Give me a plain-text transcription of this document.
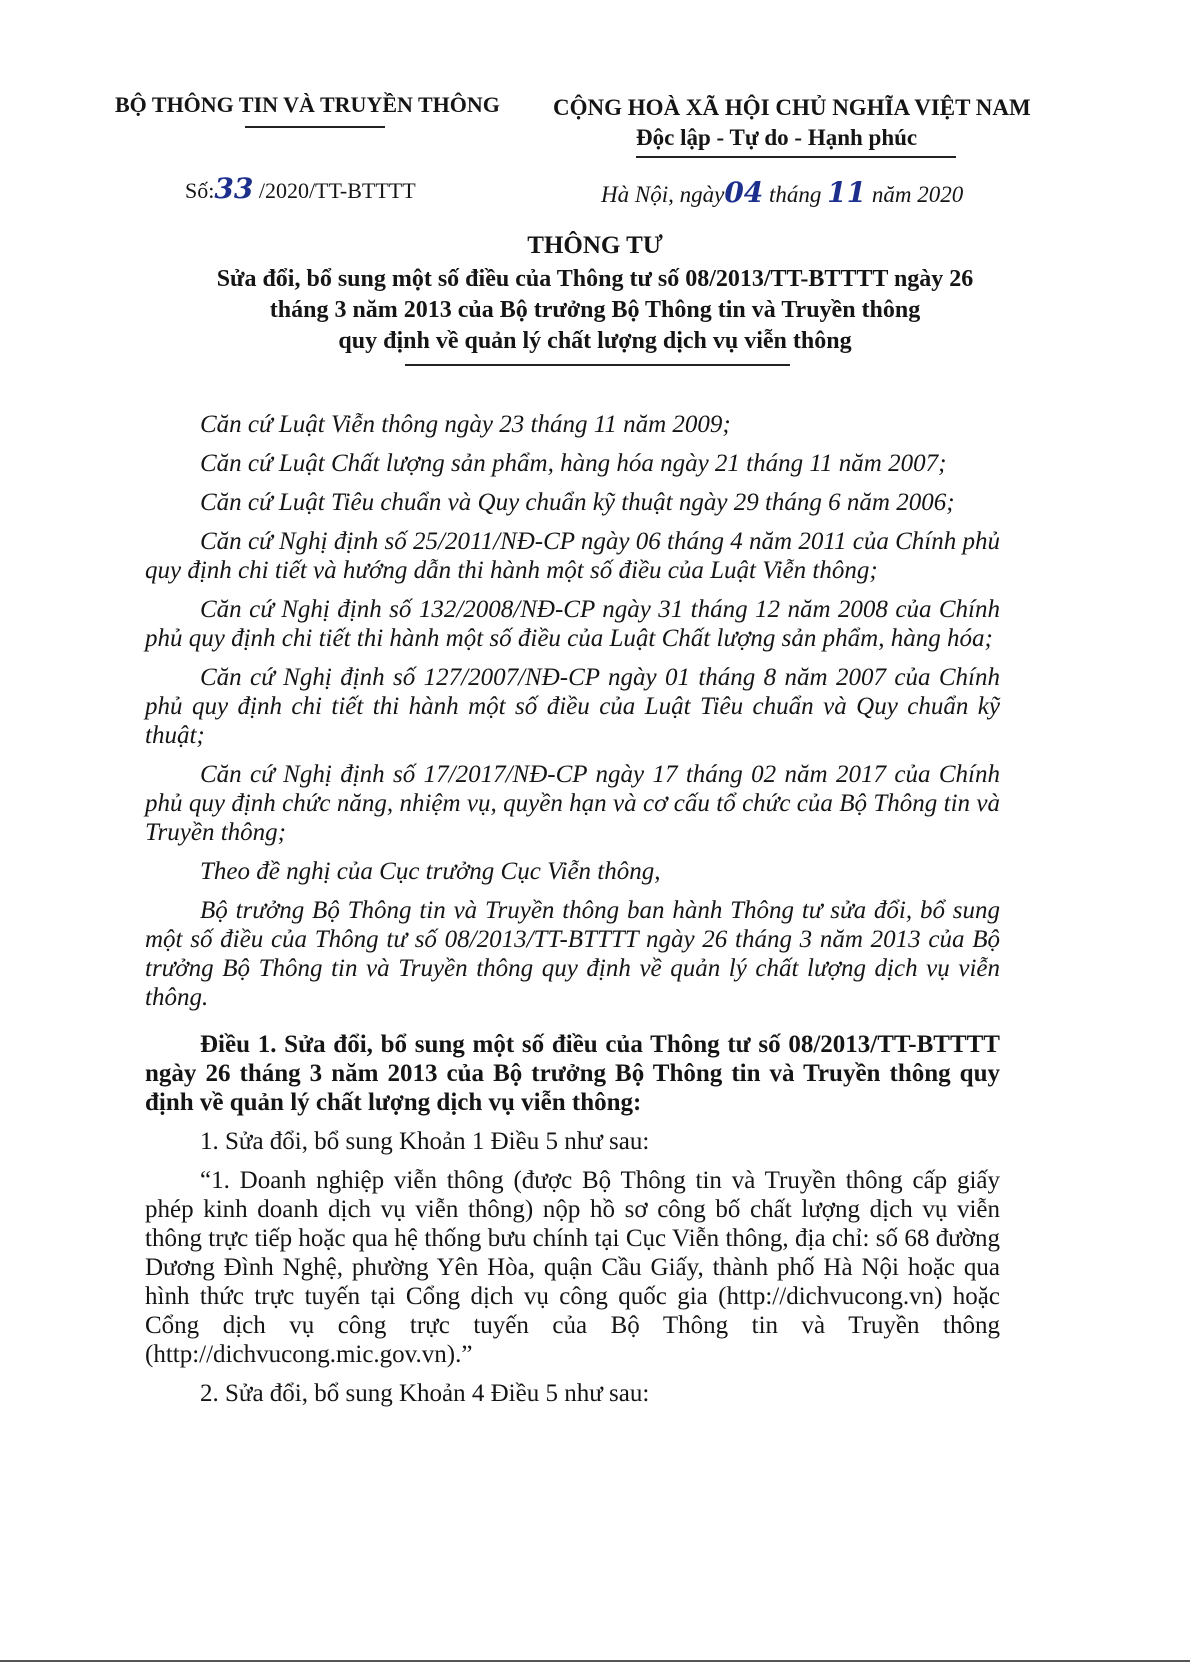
BỘ THÔNG TIN VÀ TRUYỀN THÔNG CỘNG HOÀ XÃ HỘI CHỦ NGHĨA VIỆT NAM
Độc lập - Tự do - Hạnh phúc
Số:33 /2020/TT-BTTTT	Hà Nội, ngày04 tháng 11 năm 2020
THÔNG TƯ
Sửa đổi, bổ sung một số điều của Thông tư số 08/2013/TT-BTTTT ngày 26
tháng 3 năm 2013 của Bộ trưởng Bộ Thông tin và Truyền thông
quy định về quản lý chất lượng dịch vụ viễn thông

Căn cứ Luật Viễn thông ngày 23 tháng 11 năm 2009;

Căn cứ Luật Chất lượng sản phẩm, hàng hóa ngày 21 tháng 11 năm 2007;

Căn cứ Luật Tiêu chuẩn và Quy chuẩn kỹ thuật ngày 29 tháng 6 năm 2006;

Căn cứ Nghị định số 25/2011/NĐ-CP ngày 06 tháng 4 năm 2011 của Chính phủ quy định chi tiết và hướng dẫn thi hành một số điều của Luật Viễn thông;

Căn cứ Nghị định số 132/2008/NĐ-CP ngày 31 tháng 12 năm 2008 của Chính phủ quy định chi tiết thi hành một số điều của Luật Chất lượng sản phẩm, hàng hóa;

Căn cứ Nghị định số 127/2007/NĐ-CP ngày 01 tháng 8 năm 2007 của Chính phủ quy định chi tiết thi hành một số điều của Luật Tiêu chuẩn và Quy chuẩn kỹ thuật;

Căn cứ Nghị định số 17/2017/NĐ-CP ngày 17 tháng 02 năm 2017 của Chính phủ quy định chức năng, nhiệm vụ, quyền hạn và cơ cấu tổ chức của Bộ Thông tin và Truyền thông;

Theo đề nghị của Cục trưởng Cục Viễn thông,

Bộ trưởng Bộ Thông tin và Truyền thông ban hành Thông tư sửa đổi, bổ sung một số điều của Thông tư số 08/2013/TT-BTTTT ngày 26 tháng 3 năm 2013 của Bộ trưởng Bộ Thông tin và Truyền thông quy định về quản lý chất lượng dịch vụ viễn thông.

Điều 1. Sửa đổi, bổ sung một số điều của Thông tư số 08/2013/TT-BTTTT ngày 26 tháng 3 năm 2013 của Bộ trưởng Bộ Thông tin và Truyền thông quy định về quản lý chất lượng dịch vụ viễn thông:

1. Sửa đổi, bổ sung Khoản 1 Điều 5 như sau:

“1. Doanh nghiệp viễn thông (được Bộ Thông tin và Truyền thông cấp giấy phép kinh doanh dịch vụ viễn thông) nộp hồ sơ công bố chất lượng dịch vụ viễn thông trực tiếp hoặc qua hệ thống bưu chính tại Cục Viễn thông, địa chỉ: số 68 đường Dương Đình Nghệ, phường Yên Hòa, quận Cầu Giấy, thành phố Hà Nội hoặc qua hình thức trực tuyến tại Cổng dịch vụ công quốc gia (http://dichvucong.vn) hoặc Cổng dịch vụ công trực tuyến của Bộ Thông tin và Truyền thông (http://dichvucong.mic.gov.vn).”

2. Sửa đổi, bổ sung Khoản 4 Điều 5 như sau:
